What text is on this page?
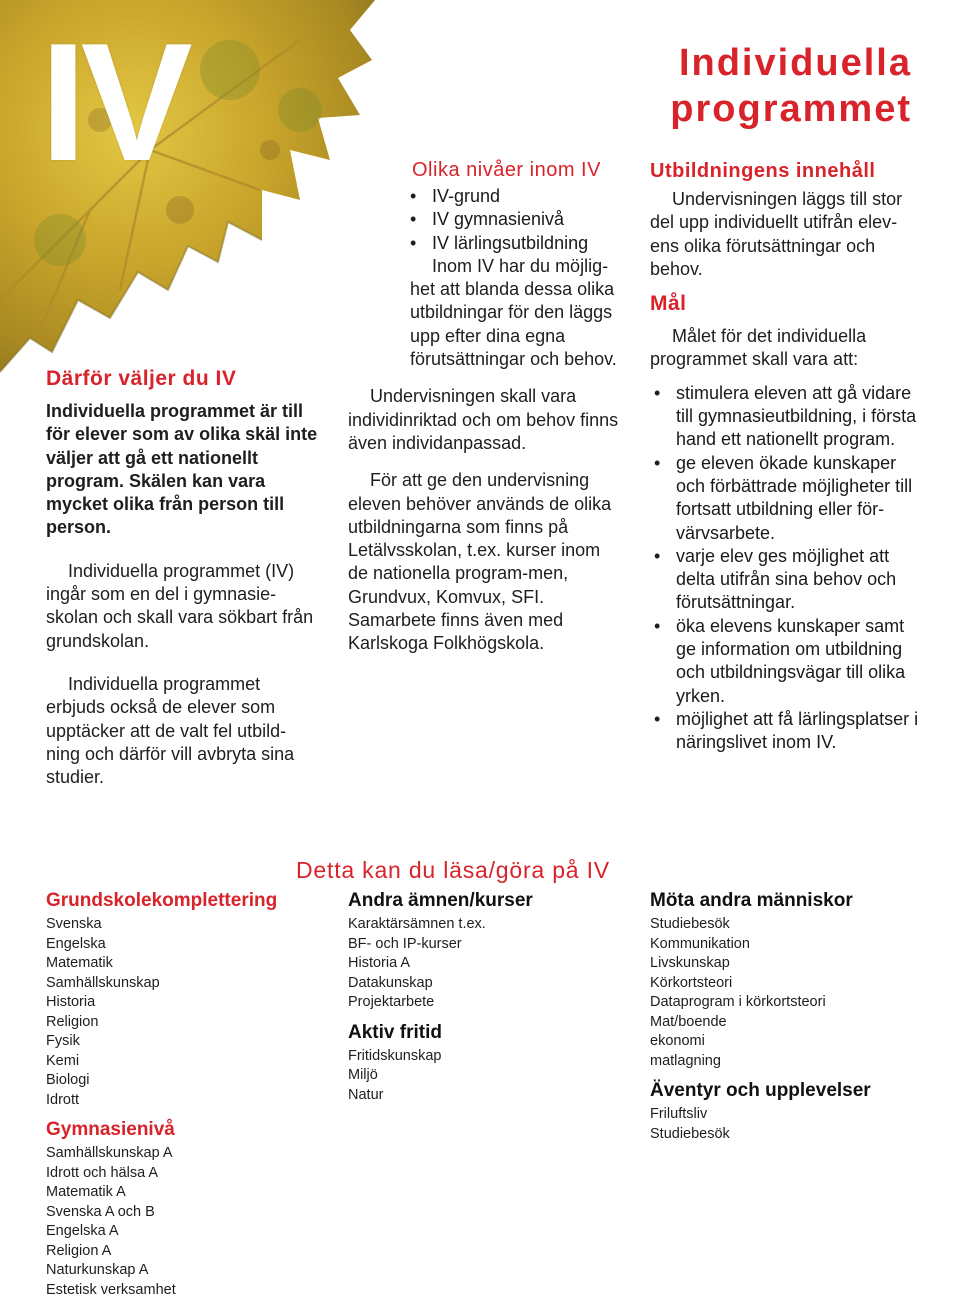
IV	Individuella
programmet
Därför väljer du IV

Individuella programmet är till för elever som av olika skäl inte väljer att gå ett nationellt program. Skälen kan vara mycket olika från person till person.

Individuella programmet (IV) ingår som en del i gymnasie-skolan och skall vara sökbart från grundskolan.

Individuella programmet erbjuds också de elever som upptäcker att de valt fel utbild-ning och därför vill avbryta sina studier.

Olika nivåer inom IV
• IV-grund
• IV gymnasienivå
• IV lärlingsutbildning

Inom IV har du möjlig-het att blanda dessa olika utbildningar för den läggs upp efter dina egna förutsättningar och behov.

Undervisningen skall vara individinriktad och om behov finns även individanpassad.

För att ge den undervisning eleven behöver används de olika utbildningarna som finns på Letälvsskolan, t.ex. kurser inom de nationella program-men, Grundvux, Komvux, SFI. Samarbete finns även med Karlskoga Folkhögskola.

Utbildningens innehåll

Undervisningen läggs till stor del upp individuellt utifrån elev-ens olika förutsättningar och behov.

Mål

Målet för det individuella programmet skall vara att:

• stimulera eleven att gå vidare till gymnasieutbildning, i första hand ett nationellt program.
• ge eleven ökade kunskaper och förbättrade möjligheter till fortsatt utbildning eller för-värvsarbete.
• varje elev ges möjlighet att delta utifrån sina behov och förutsättningar.
• öka elevens kunskaper samt ge information om utbildning och utbildningsvägar till olika yrken.
• möjlighet att få lärlingsplatser i näringslivet inom IV.
Detta kan du läsa/göra på IV
Grundskolekomplettering
Svenska
Engelska
Matematik
Samhällskunskap
Historia
Religion
Fysik
Kemi
Biologi
Idrott
Gymnasienivå
Samhällskunskap A
Idrott och hälsa A
Matematik A
Svenska A och B
Engelska A
Religion A
Naturkunskap A
Estetisk verksamhet
Andra ämnen/kurser
Karaktärsämnen t.ex.
BF- och IP-kurser
Historia A
Datakunskap
Projektarbete
Aktiv fritid
Fritidskunskap
Miljö
Natur
Möta andra människor
Studiebesök
Kommunikation
Livskunskap
Körkortsteori
Dataprogram i körkortsteori
Mat/boende
ekonomi
matlagning
Äventyr och upplevelser
Friluftsliv
Studiebesök
